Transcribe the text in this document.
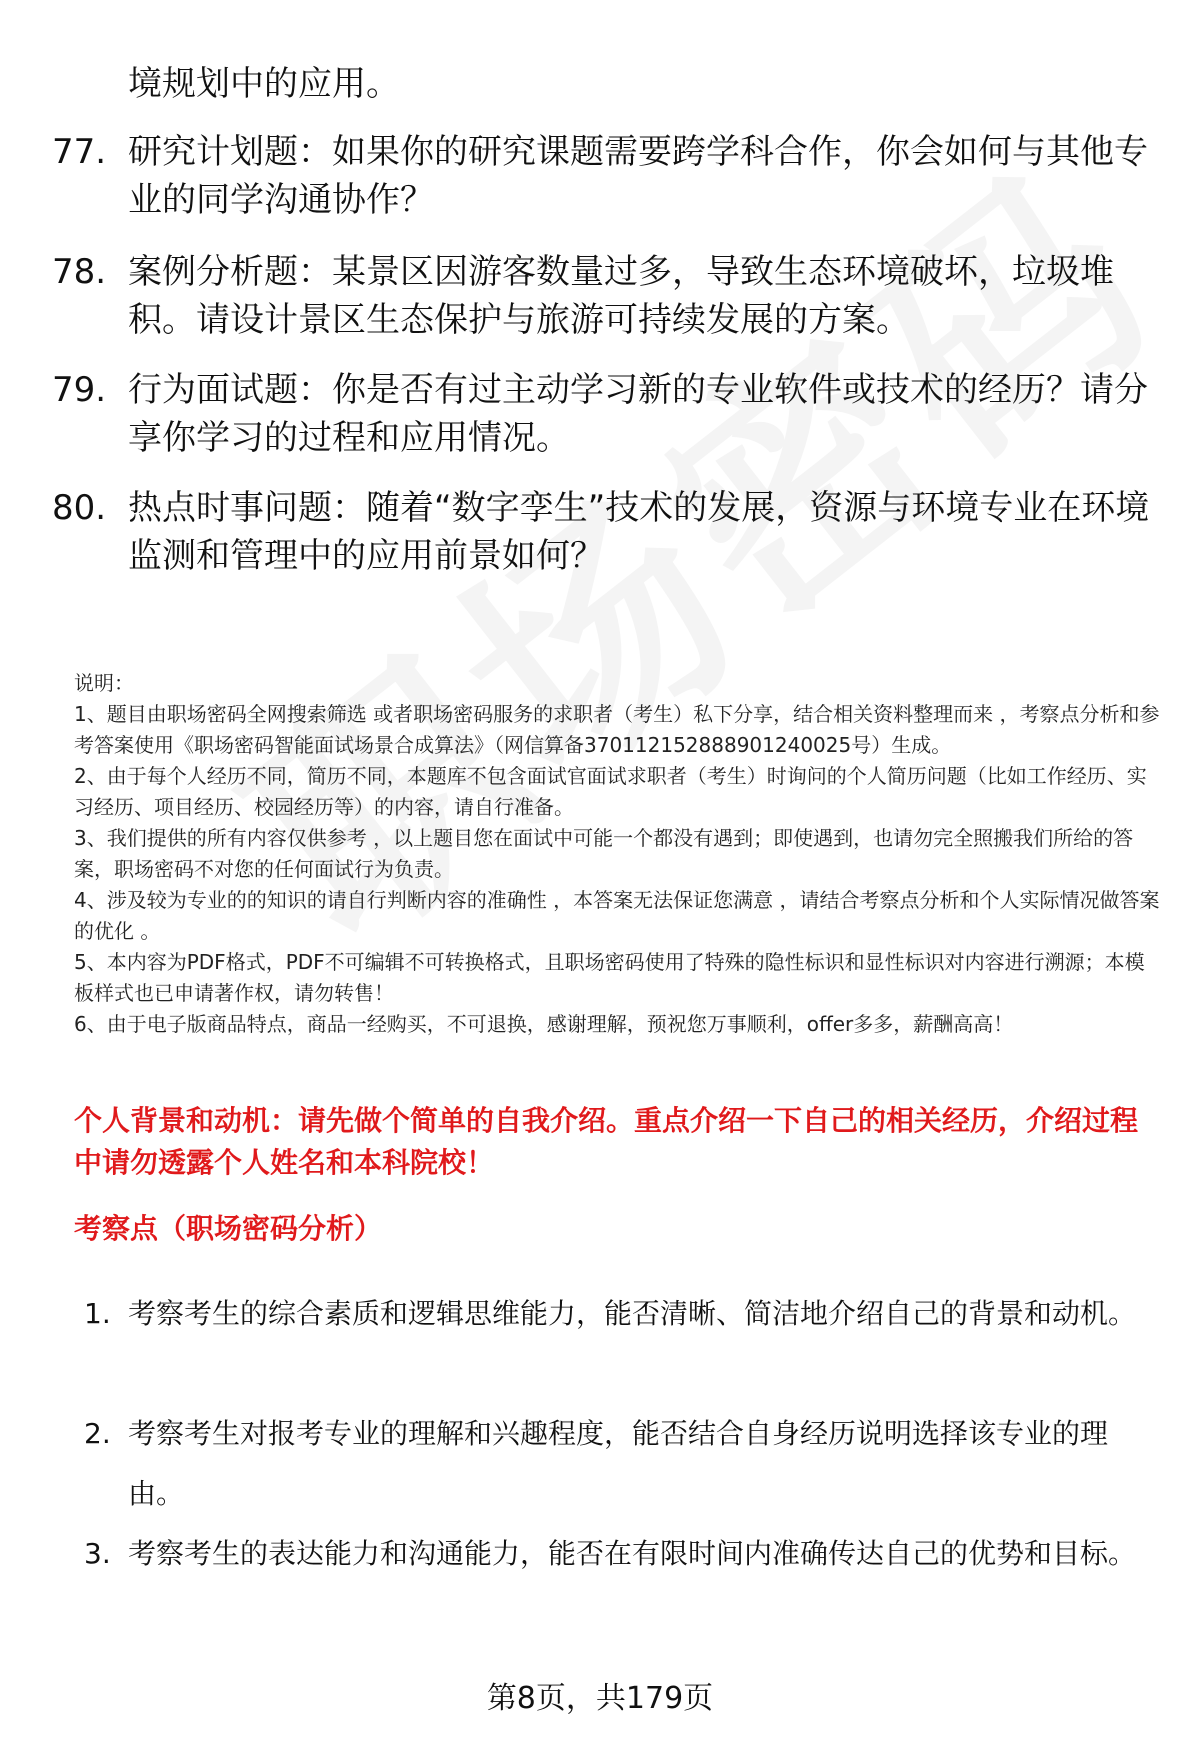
境规划中的应用。
77. 研究计划题：如果你的研究课题需要跨学科合作，你会如何与其他专业的同学沟通协作？
78. 案例分析题：某景区因游客数量过多，导致生态环境破坏，垃圾堆积。请设计景区生态保护与旅游可持续发展的方案。
79. 行为面试题：你是否有过主动学习新的专业软件或技术的经历？请分享你学习的过程和应用情况。
80. 热点时事问题：随着“数字孪生”技术的发展，资源与环境专业在环境监测和管理中的应用前景如何？

说明：

1、题目由职场密码全网搜索筛选 或者职场密码服务的求职者（考生）私下分享，结合相关资料整理而来 ，考察点分析和参考答案使用《职场密码智能面试场景合成算法》（网信算备370112152888901240025号）生成。

2、由于每个人经历不同，简历不同，本题库不包含面试官面试求职者（考生）时询问的个人简历问题（比如工作经历、实习经历、项目经历、校园经历等）的内容，请自行准备。

3、我们提供的所有内容仅供参考 ，以上题目您在面试中可能一个都没有遇到；即使遇到，也请勿完全照搬我们所给的答案，职场密码不对您的任何面试行为负责。

4、涉及较为专业的的知识的请自行判断内容的准确性 ，本答案无法保证您满意 ，请结合考察点分析和个人实际情况做答案的优化 。

5、本内容为PDF格式，PDF不可编辑不可转换格式，且职场密码使用了特殊的隐性标识和显性标识对内容进行溯源；本模板样式也已申请著作权，请勿转售！

6、由于电子版商品特点，商品一经购买，不可退换，感谢理解，预祝您万事顺利，offer多多，薪酬高高！

个人背景和动机：请先做个简单的自我介绍。重点介绍一下自己的相关经历，介绍过程中请勿透露个人姓名和本科院校！
考察点（职场密码分析）
1. 考察考生的综合素质和逻辑思维能力，能否清晰、简洁地介绍自己的背景和动机。
2. 考察考生对报考专业的理解和兴趣程度，能否结合自身经历说明选择该专业的理由。
3. 考察考生的表达能力和沟通能力，能否在有限时间内准确传达自己的优势和目标。
第8页，共179页
